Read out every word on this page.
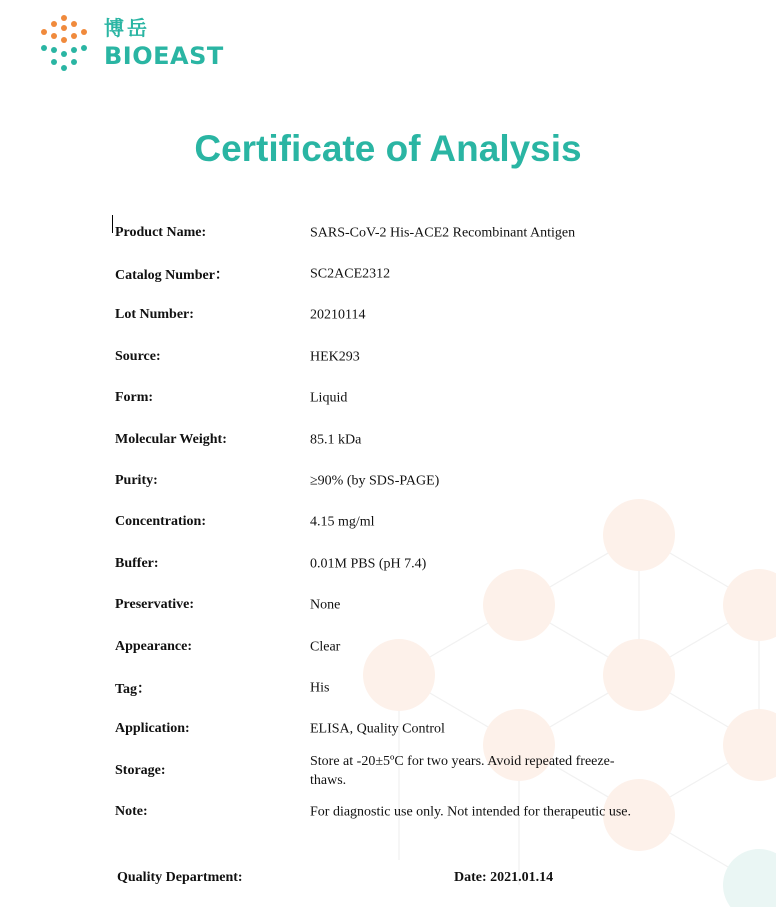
博岳
BIOEAST
Certificate of Analysis
Product Name:	SARS-CoV-2 His-ACE2 Recombinant Antigen
Catalog Number：	SC2ACE2312
Lot Number:	20210114
Source:	HEK293
Form:	Liquid
Molecular Weight:	85.1 kDa
Purity:	≥90% (by SDS-PAGE)
Concentration:	4.15 mg/ml
Buffer:	0.01M PBS (pH 7.4)
Preservative:	None
Appearance:	Clear
Tag：	His
Application:	ELISA, Quality Control
Storage:
Store at -20±5ºC for two years. Avoid repeated freeze-thaws.
Note:	For diagnostic use only. Not intended for therapeutic use.
Quality Department:	Date: 2021.01.14
